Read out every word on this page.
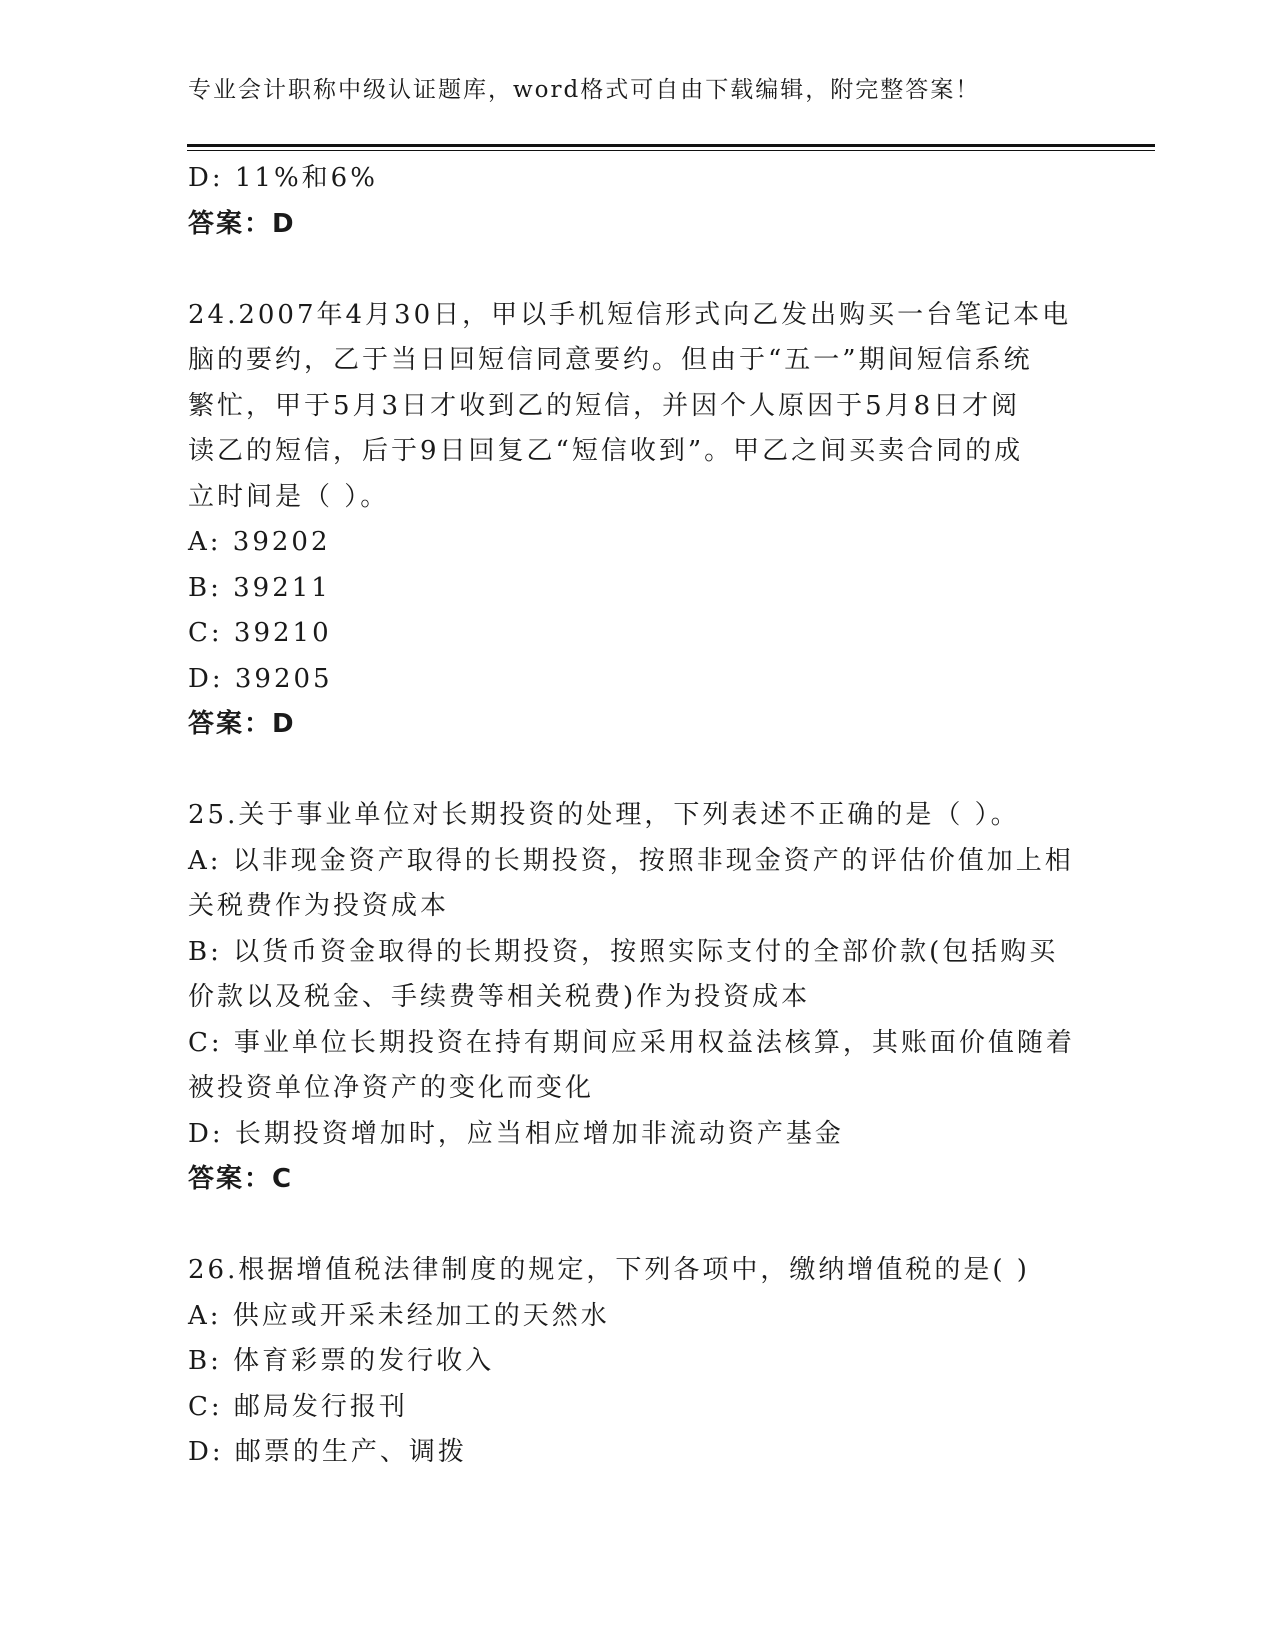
专业会计职称中级认证题库，word格式可自由下载编辑，附完整答案！
D: 11%和6%
答案：D
24.2007年4月30日，甲以手机短信形式向乙发出购买一台笔记本电
脑的要约，乙于当日回短信同意要约。但由于“五一”期间短信系统
繁忙，甲于5月3日才收到乙的短信，并因个人原因于5月8日才阅
读乙的短信，后于9日回复乙“短信收到”。甲乙之间买卖合同的成
立时间是（ ）。
A: 39202
B: 39211
C: 39210
D: 39205
答案：D
25.关于事业单位对长期投资的处理，下列表述不正确的是（ ）。
A: 以非现金资产取得的长期投资，按照非现金资产的评估价值加上相
关税费作为投资成本
B: 以货币资金取得的长期投资，按照实际支付的全部价款(包括购买
价款以及税金、手续费等相关税费)作为投资成本
C: 事业单位长期投资在持有期间应采用权益法核算，其账面价值随着
被投资单位净资产的变化而变化
D: 长期投资增加时，应当相应增加非流动资产基金
答案：C
26.根据增值税法律制度的规定，下列各项中，缴纳增值税的是( )
A: 供应或开采未经加工的天然水
B: 体育彩票的发行收入
C: 邮局发行报刊
D: 邮票的生产、调拨
